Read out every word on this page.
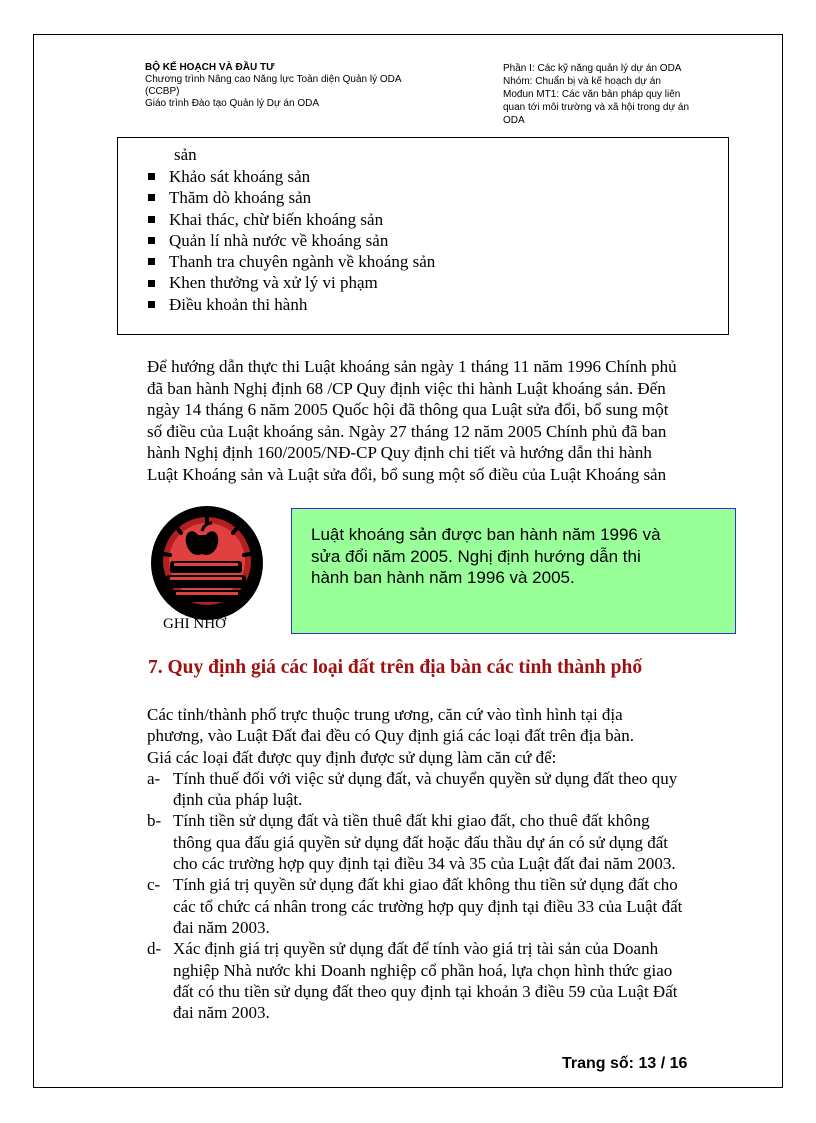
BỘ KẾ HOẠCH VÀ ĐẦU TƯ
Chương trình Nâng cao Năng lực Toàn diện Quản lý ODA
(CCBP)
Giáo trình Đào tạo Quản lý Dự án ODA
Phần I: Các kỹ năng quản lý dự án ODA
Nhóm: Chuẩn bị và kế hoạch dự án
Mođun MT1: Các văn bản pháp quy liên
quan tới môi trường và xã hội trong dự án
ODA
sản
Khảo sát khoáng sản
Thăm dò khoáng sản
Khai thác, chừ biến khoáng sản
Quản lí nhà nước về khoáng sản
Thanh tra chuyên ngành về khoáng sản
Khen thưởng và xử lý vi phạm
Điều khoản thi hành
Để hướng dẫn thực thi Luật khoáng sản ngày 1 tháng 11 năm 1996 Chính phủ
đã ban hành Nghị định 68 /CP Quy định việc thi hành Luật khoáng sản. Đến
ngày 14 tháng 6 năm 2005 Quốc hội đã thông qua Luật sửa đổi, bổ sung một
số điều của Luật khoáng sản. Ngày 27 tháng 12 năm 2005 Chính phủ đã ban
hành Nghị định 160/2005/NĐ-CP Quy định chi tiết và hướng dẫn thi hành
Luật Khoáng sản và Luật sửa đổi, bổ sung một số điều của Luật Khoáng sản
GHI NHỚ
Luật khoáng sản được ban hành năm 1996 và
sửa đổi năm 2005. Nghị định hướng dẫn thi
hành ban hành năm 1996 và 2005.
7. Quy định giá các loại đất trên địa bàn các tỉnh thành phố
Các tỉnh/thành phố trực thuộc trung ương, căn cứ vào tình hình tại địa
phương, vào Luật Đất đai đều có Quy định giá các loại đất trên địa bàn.
Giá các loại đất được quy định được sử dụng làm căn cứ để:
a- Tính thuế đối với việc sử dụng đất, và chuyển quyền sử dụng đất theo quy
định của pháp luật.
b- Tính tiền sử dụng đất và tiền thuê đất khi giao đất, cho thuê đất không
thông qua đấu giá quyền sử dụng đất hoặc đấu thầu dự án có sử dụng đất
cho các trường hợp quy định tại điều 34 và 35 của Luật đất đai năm 2003.
c- Tính giá trị quyền sử dụng đất khi giao đất không thu tiền sử dụng đất cho
các tổ chức cá nhân trong các trường hợp quy định tại điều 33 của Luật đất
đai năm 2003.
d- Xác định giá trị quyền sử dụng đất để tính vào giá trị tài sản của Doanh
nghiệp Nhà nước khi Doanh nghiệp cổ phần hoá, lựa chọn hình thức giao
đất có thu tiền sử dụng đất theo quy định tại khoản 3 điều 59 của Luật Đất
đai năm 2003.
Trang số: 13 / 16
